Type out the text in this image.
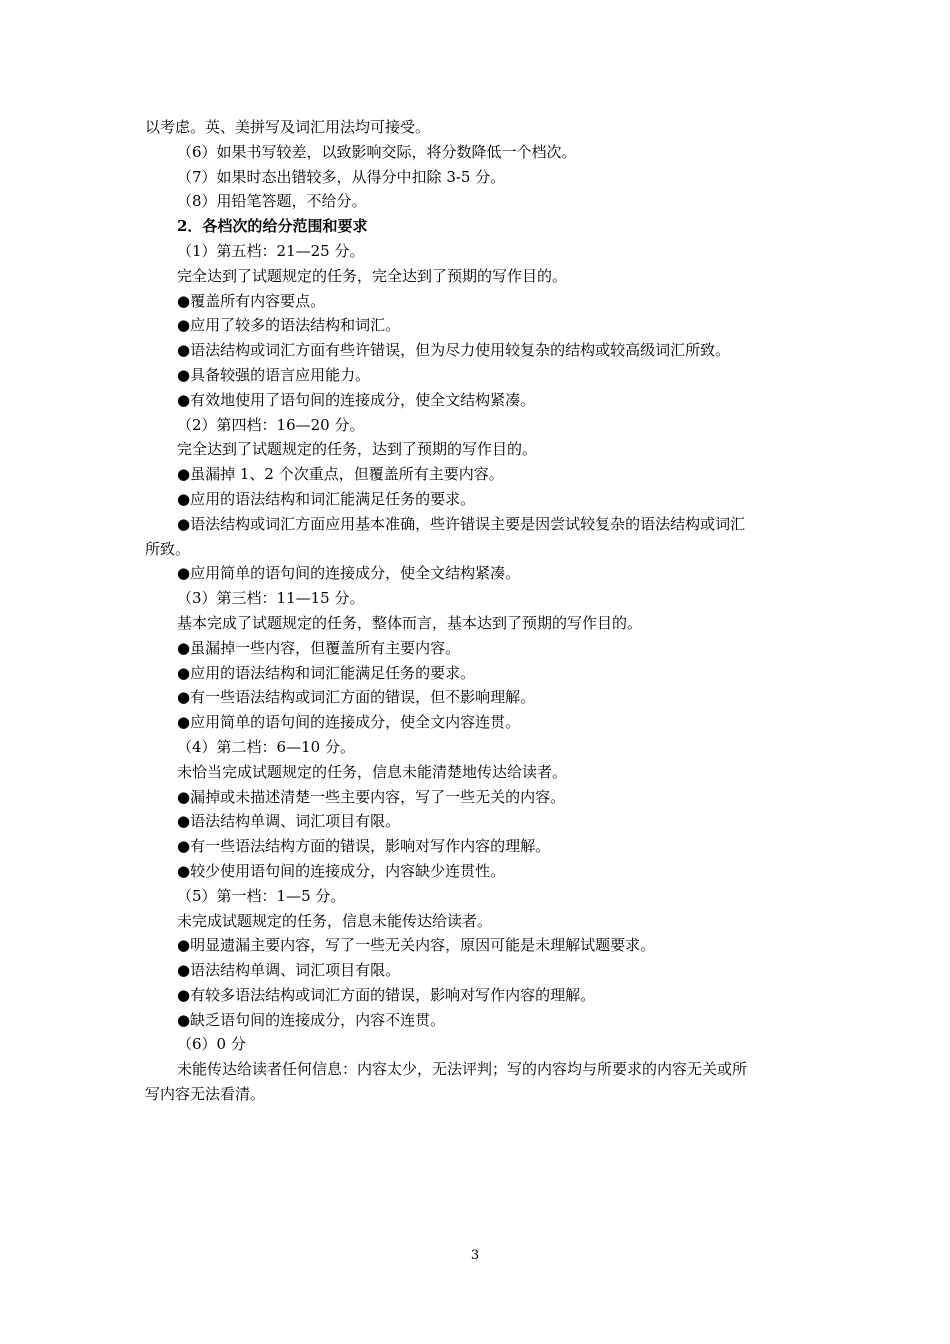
以考虑。英、美拼写及词汇用法均可接受。
（6）如果书写较差，以致影响交际，将分数降低一个档次。
（7）如果时态出错较多，从得分中扣除 3-5 分。
（8）用铅笔答题，不给分。
2．各档次的给分范围和要求
（1）第五档：21—25 分。
完全达到了试题规定的任务，完全达到了预期的写作目的。
●覆盖所有内容要点。
●应用了较多的语法结构和词汇。
●语法结构或词汇方面有些许错误，但为尽力使用较复杂的结构或较高级词汇所致。
●具备较强的语言应用能力。
●有效地使用了语句间的连接成分，使全文结构紧凑。
（2）第四档：16—20 分。
完全达到了试题规定的任务，达到了预期的写作目的。
●虽漏掉 1、2 个次重点，但覆盖所有主要内容。
●应用的语法结构和词汇能满足任务的要求。
●语法结构或词汇方面应用基本准确，些许错误主要是因尝试较复杂的语法结构或词汇
所致。
●应用简单的语句间的连接成分，使全文结构紧凑。
（3）第三档：11—15 分。
基本完成了试题规定的任务，整体而言，基本达到了预期的写作目的。
●虽漏掉一些内容，但覆盖所有主要内容。
●应用的语法结构和词汇能满足任务的要求。
●有一些语法结构或词汇方面的错误，但不影响理解。
●应用简单的语句间的连接成分，使全文内容连贯。
（4）第二档：6—10 分。
未恰当完成试题规定的任务，信息未能清楚地传达给读者。
●漏掉或未描述清楚一些主要内容，写了一些无关的内容。
●语法结构单调、词汇项目有限。
●有一些语法结构方面的错误，影响对写作内容的理解。
●较少使用语句间的连接成分，内容缺少连贯性。
（5）第一档：1—5 分。
未完成试题规定的任务，信息未能传达给读者。
●明显遗漏主要内容，写了一些无关内容，原因可能是未理解试题要求。
●语法结构单调、词汇项目有限。
●有较多语法结构或词汇方面的错误，影响对写作内容的理解。
●缺乏语句间的连接成分，内容不连贯。
（6）0 分
未能传达给读者任何信息：内容太少，无法评判；写的内容均与所要求的内容无关或所
写内容无法看清。
3
